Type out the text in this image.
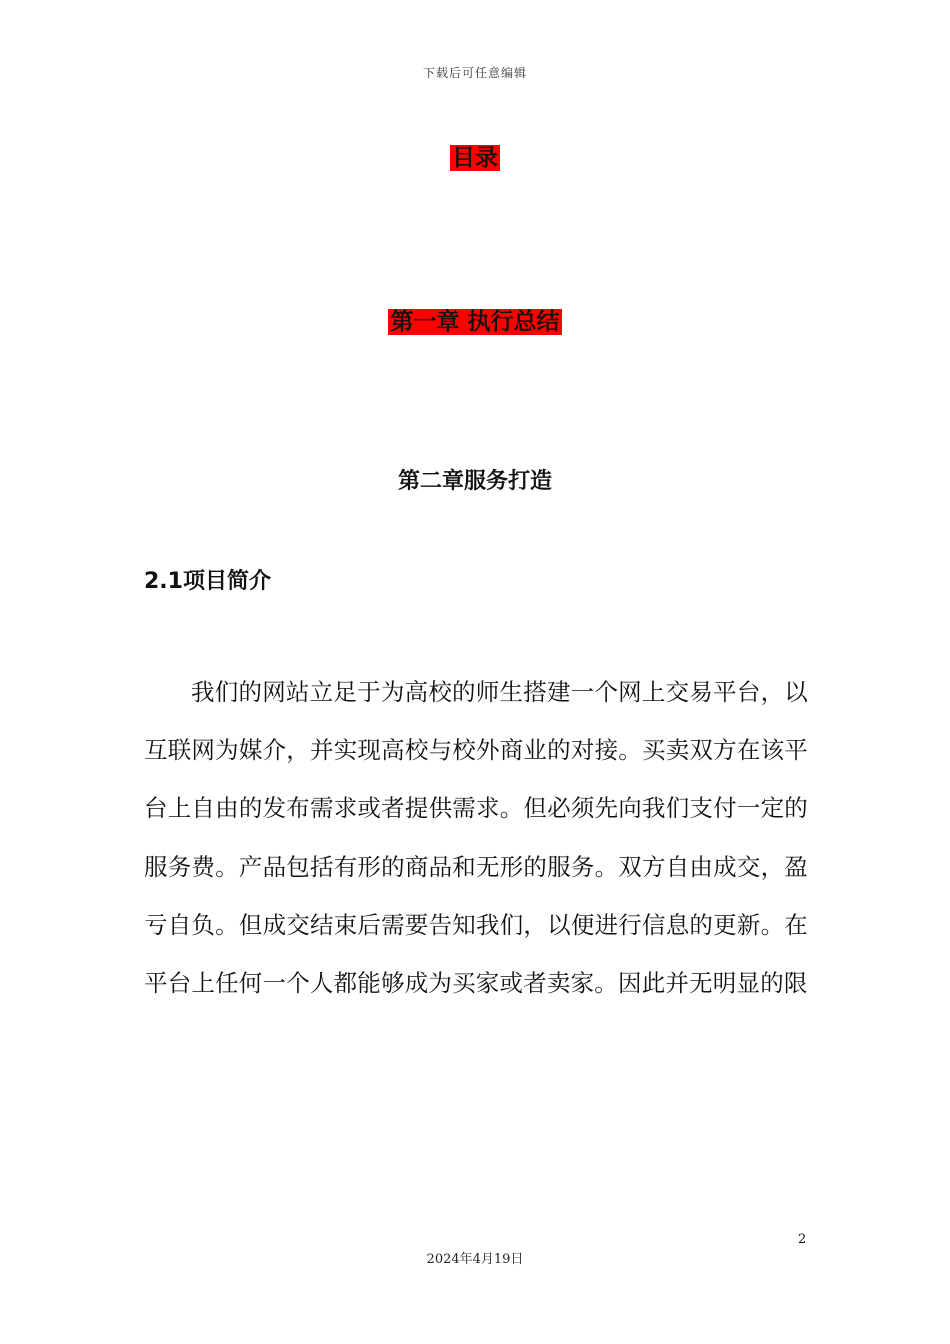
下载后可任意编辑
目录
第一章 执行总结
第二章服务打造
2.1项目简介

我们的网站立足于为高校的师生搭建一个网上交易平台，以互联网为媒介，并实现高校与校外商业的对接。买卖双方在该平台上自由的发布需求或者提供需求。但必须先向我们支付一定的服务费。产品包括有形的商品和无形的服务。双方自由成交，盈亏自负。但成交结束后需要告知我们，以便进行信息的更新。在平台上任何一个人都能够成为买家或者卖家。因此并无明显的限

2
2024年4月19日
